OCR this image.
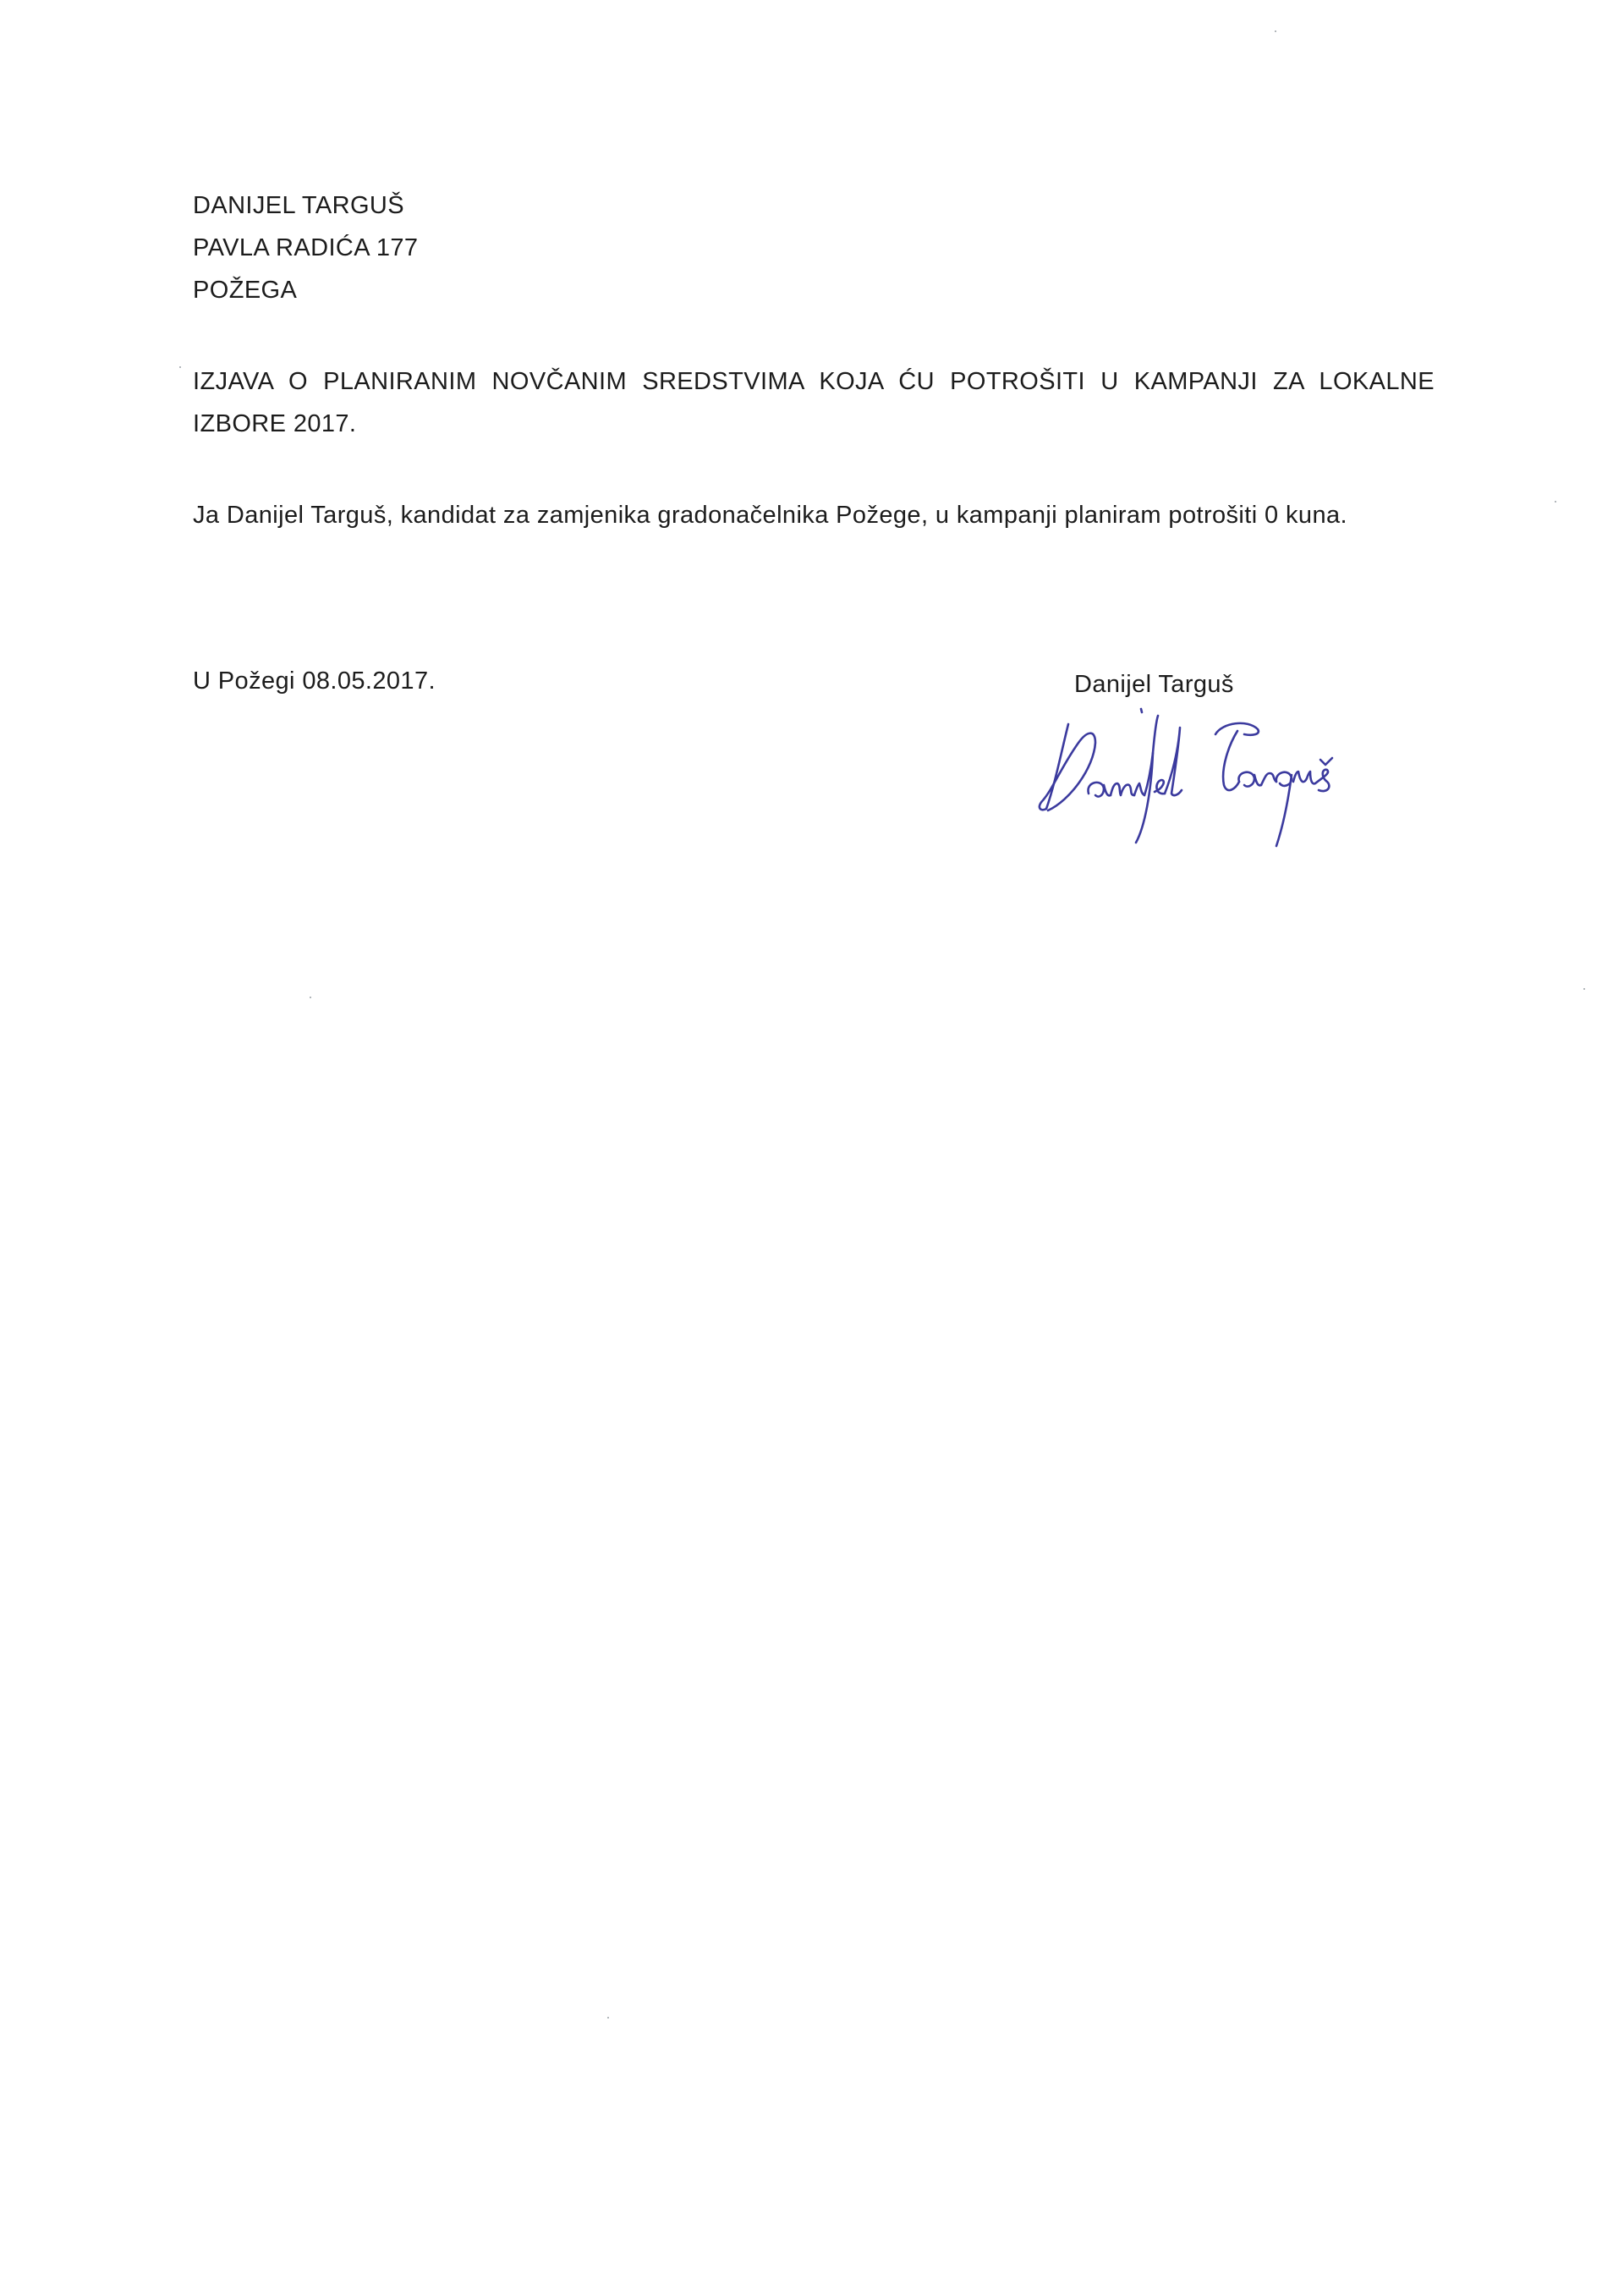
DANIJEL TARGUŠ
PAVLA RADIĆA 177
POŽEGA
IZJAVA O PLANIRANIM NOVČANIM SREDSTVIMA KOJA ĆU POTROŠITI U KAMPANJI ZA LOKALNE IZBORE 2017.
Ja Danijel Targuš, kandidat za zamjenika gradonačelnika Požege, u kampanji planiram potrošiti 0 kuna.
U Požegi 08.05.2017.	Danijel Targuš
